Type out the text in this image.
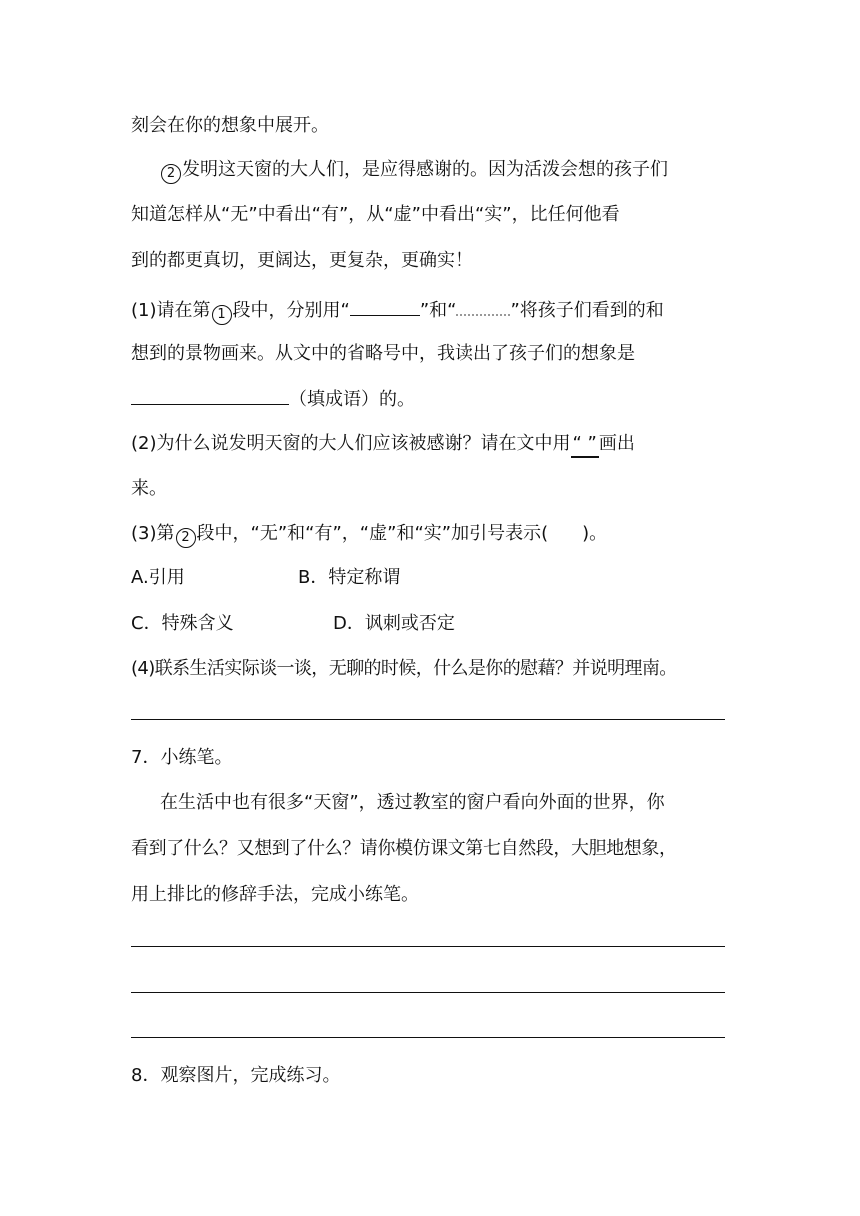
刻会在你的想象中展开。
2 发明这天窗的大人们，是应得感谢的。因为活泼会想的孩子们
知道怎样从“无”中看出“有”，从“虚”中看出“实”，比任何他看
到的都更真切，更阔达，更复杂，更确实！
(1)请在第 1 段中，分别用“	”和“	”将孩子们看到的和
想到的景物画来。从文中的省略号中，我读出了孩子们的想象是
（填成语）的。
(2)为什么说发明天窗的大人们应该被感谢？请在文中用 “ ” 画出
来。
(3)第 2 段中，“无”和“有”，“虚”和“实”加引号表示( )。
A.引用	B．特定称谓
C．特殊含义	D．讽刺或否定
(4)联系生活实际谈一谈，无聊的时候，什么是你的慰藉？并说明理南。
7．小练笔。
在生活中也有很多“天窗”，透过教室的窗户看向外面的世界，你
看到了什么？又想到了什么？请你模仿课文第七自然段，大胆地想象，
用上排比的修辞手法，完成小练笔。
8．观察图片，完成练习。
